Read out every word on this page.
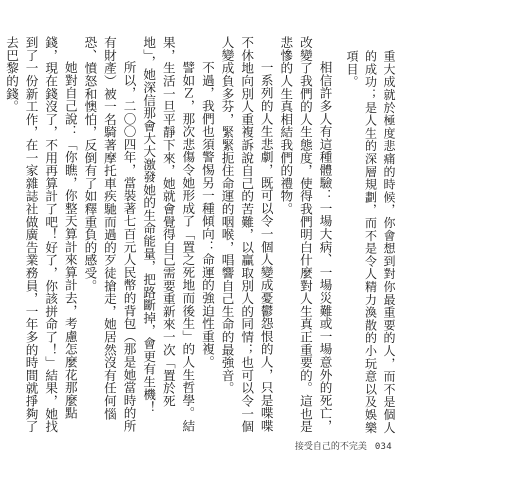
重大成就於極度悲痛的時候，你會想到對你最重要的人，而不是個人的成功；是人生的深層規劃，而不是令人精力渙散的小玩意以及娛樂項目。

相信許多人有這種體驗：一場大病、一場災難或一場意外的死亡，改變了我們的人生態度，使得我們明白什麼對人生真正重要的。這也是悲慘的人生真相結我們的禮物。

一系列的人生悲劇，既可以令一個人變成憂鬱怨恨的人，只是喋喋不休地向別人重複訴說自己的苦難，以贏取別人的同情；也可以令一個人變成負多芬，緊緊扼住命運的咽喉，唱響自己生命的最強音。

不過，我們也須警惕另一種傾向：命運的強迫性重複。

譬如Ｚ，那次悲傷令她形成了「置之死地而後生」的人生哲學。結果，生活一旦平靜下來，她就會覺得自己需要重新來一次「置於死地」，她深信那會大大激發她的生命能量，把路斷掉，會更有生機！

所以，二〇〇四年，當裝著七百元人民幣的背包（那是她當時的所有財產）被一名騎著摩托車疾馳而過的歹徒搶走，她居然沒有任何惱恐、憤怒和懊怕，反倒有了如釋重負的感受。

她對自己說：「你瞧，你整天算計來算計去，考慮怎麼花那麼點錢，現在錢沒了，不用再算計了吧！好了，你該拼命了！」結果，她找到了一份新工作，在一家雜誌社做廣告業務員，一年多的時間就掙夠了去巴黎的錢。

接受自己的不完美 034
